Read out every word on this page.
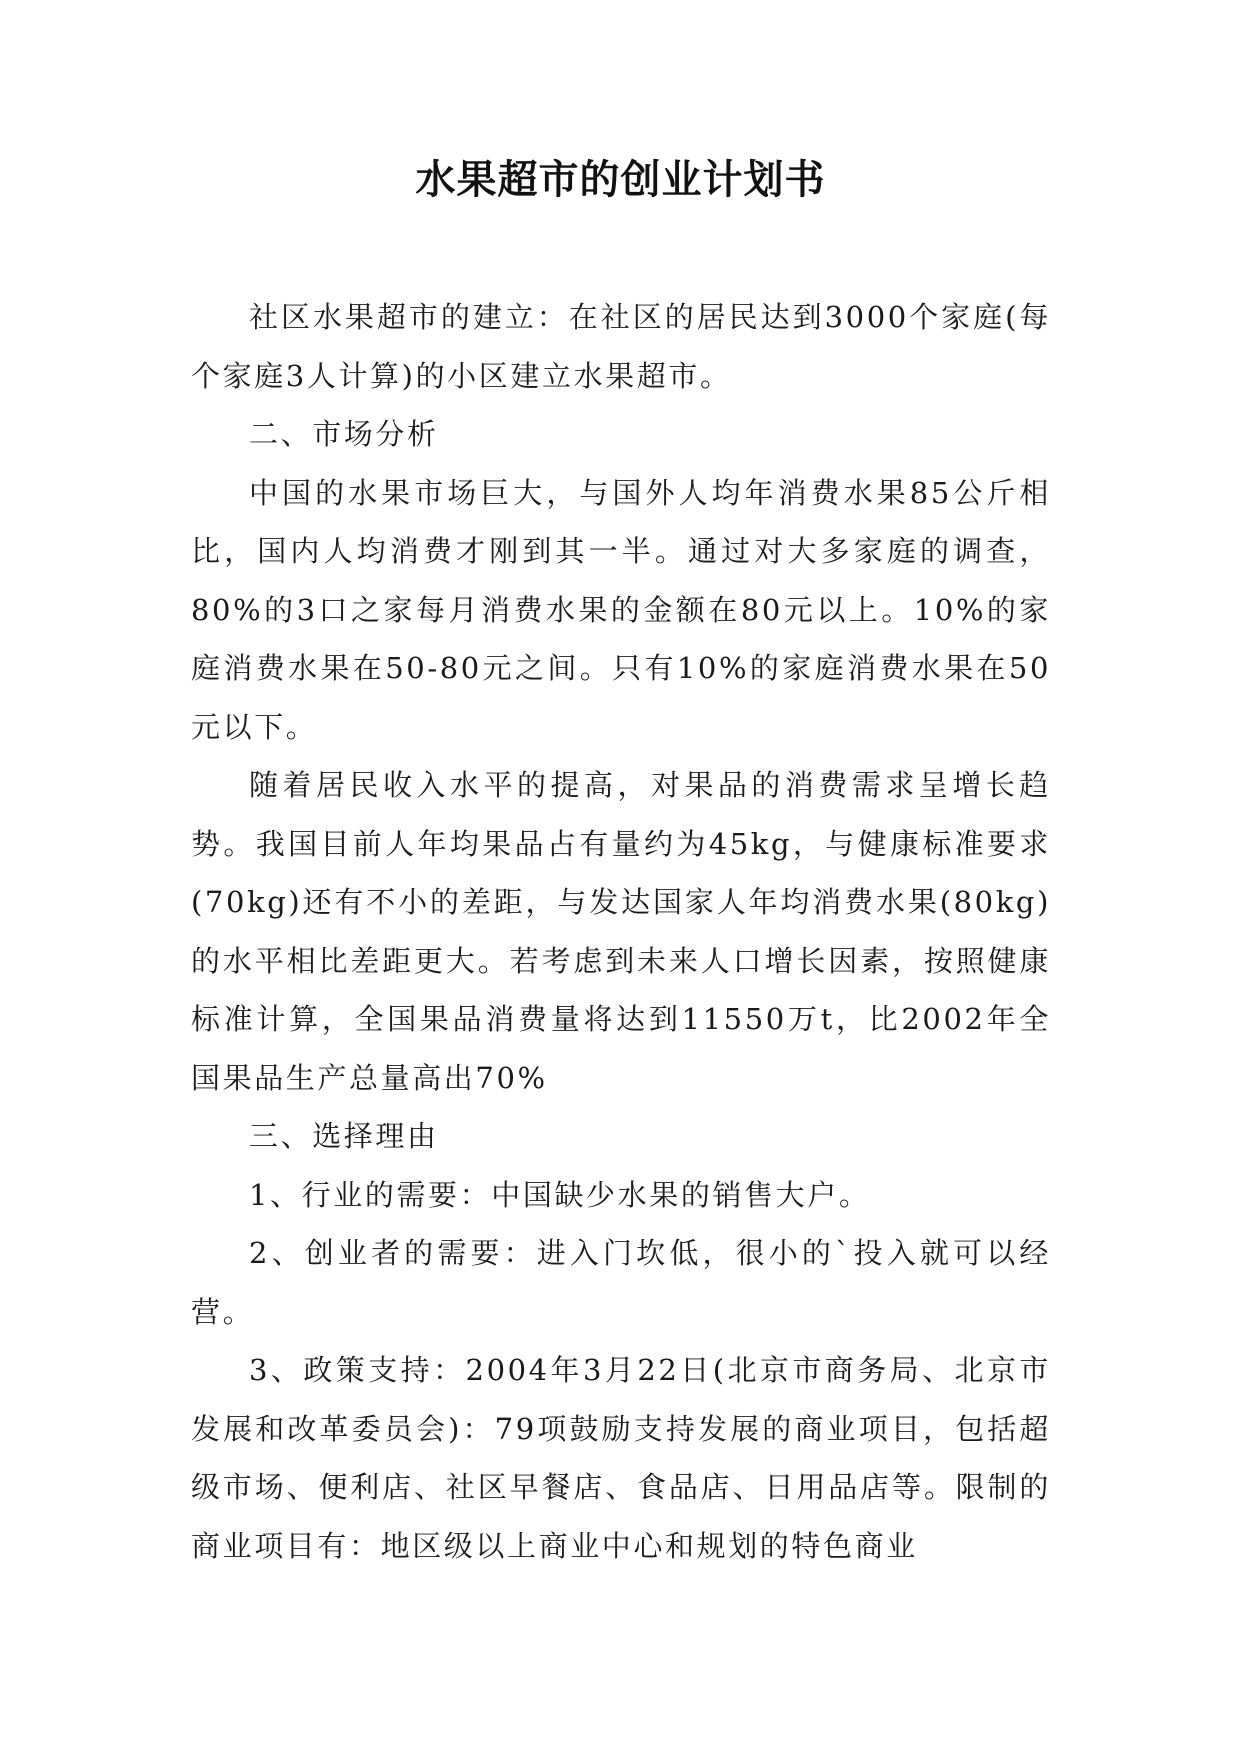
水果超市的创业计划书

社区水果超市的建立：在社区的居民达到3000个家庭(每个家庭3人计算)的小区建立水果超市。

二、市场分析

中国的水果市场巨大，与国外人均年消费水果85公斤相比，国内人均消费才刚到其一半。通过对大多家庭的调查，80%的3口之家每月消费水果的金额在80元以上。10%的家庭消费水果在50-80元之间。只有10%的家庭消费水果在50元以下。

随着居民收入水平的提高，对果品的消费需求呈增长趋势。我国目前人年均果品占有量约为45kg，与健康标准要求(70kg)还有不小的差距，与发达国家人年均消费水果(80kg)的水平相比差距更大。若考虑到未来人口增长因素，按照健康标准计算，全国果品消费量将达到11550万t，比2002年全国果品生产总量高出70%

三、选择理由

1、行业的需要：中国缺少水果的销售大户。

2、创业者的需要：进入门坎低，很小的`投入就可以经营。

3、政策支持：2004年3月22日(北京市商务局、北京市发展和改革委员会)：79项鼓励支持发展的商业项目，包括超级市场、便利店、社区早餐店、食品店、日用品店等。限制的商业项目有：地区级以上商业中心和规划的特色商业
